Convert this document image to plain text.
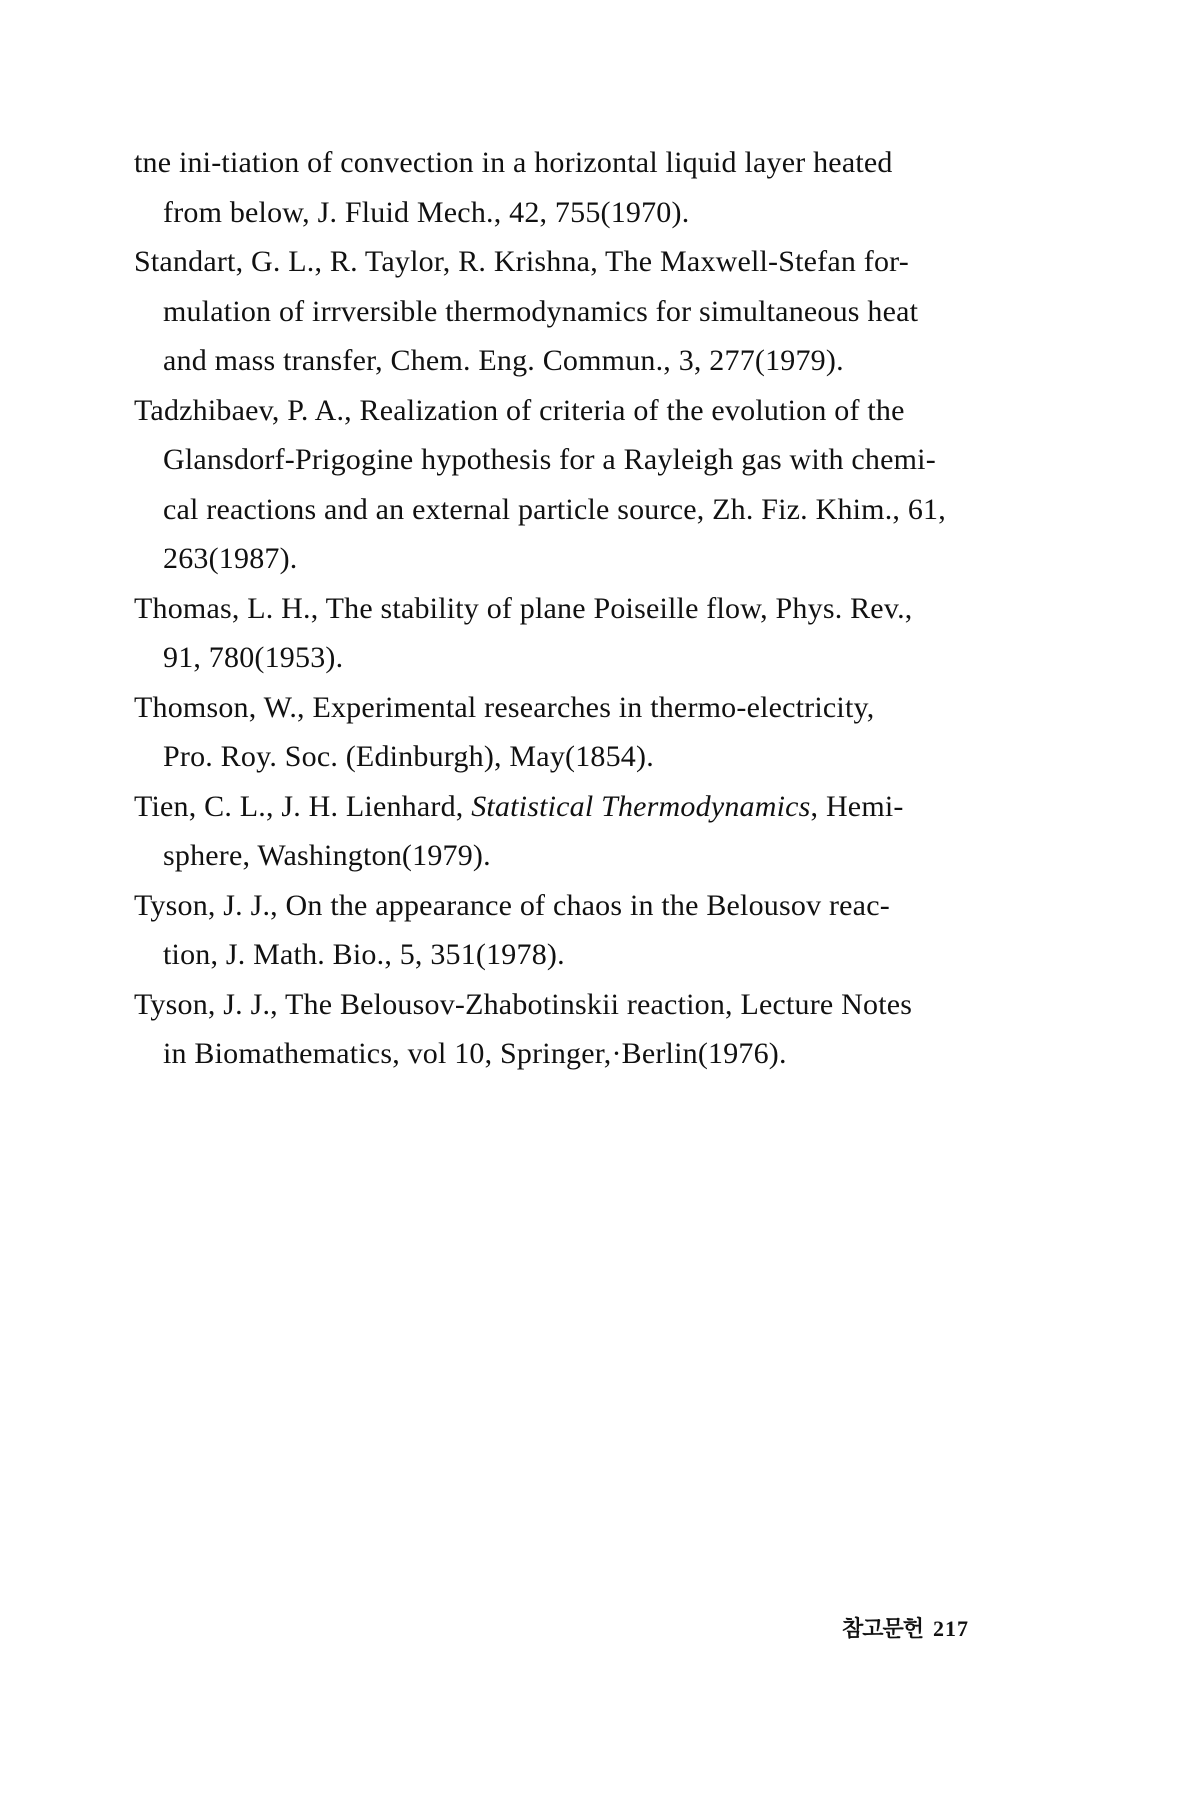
tne ini-tiation of convection in a horizontal liquid layer heated
from below, J. Fluid Mech., 42, 755(1970).

Standart, G. L., R. Taylor, R. Krishna, The Maxwell-Stefan for-
mulation of irrversible thermodynamics for simultaneous heat
and mass transfer, Chem. Eng. Commun., 3, 277(1979).

Tadzhibaev, P. A., Realization of criteria of the evolution of the
Glansdorf-Prigogine hypothesis for a Rayleigh gas with chemi-
cal reactions and an external particle source, Zh. Fiz. Khim., 61,
263(1987).

Thomas, L. H., The stability of plane Poiseille flow, Phys. Rev.,
91, 780(1953).

Thomson, W., Experimental researches in thermo-electricity,
Pro. Roy. Soc. (Edinburgh), May(1854).

Tien, C. L., J. H. Lienhard, Statistical Thermodynamics, Hemi-
sphere, Washington(1979).

Tyson, J. J., On the appearance of chaos in the Belousov reac-
tion, J. Math. Bio., 5, 351(1978).

Tyson, J. J., The Belousov-Zhabotinskii reaction, Lecture Notes
in Biomathematics, vol 10, Springer,·Berlin(1976).

참고문헌 217
